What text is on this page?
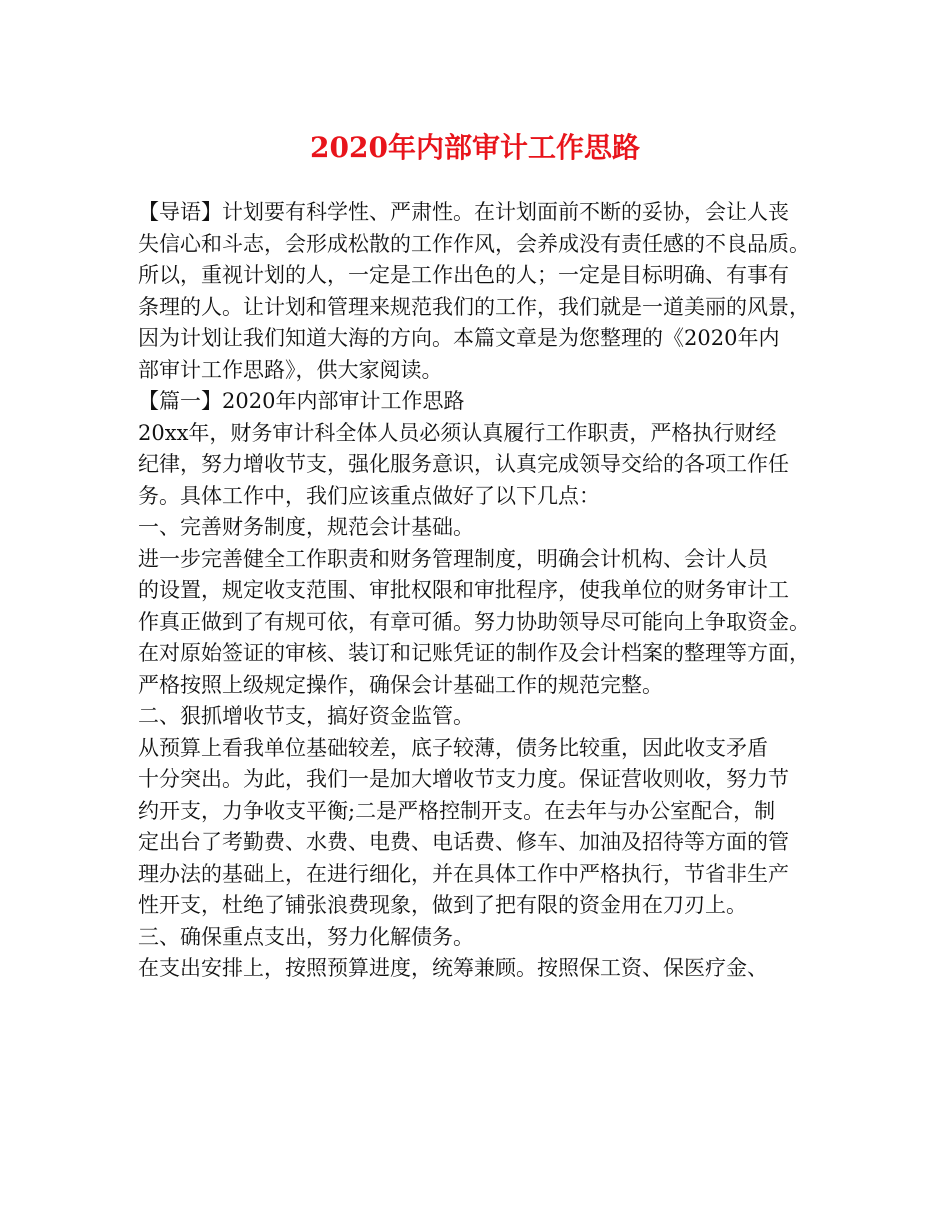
2020年内部审计工作思路
【导语】计划要有科学性、严肃性。在计划面前不断的妥协，会让人丧
失信心和斗志，会形成松散的工作作风，会养成没有责任感的不良品质。
所以，重视计划的人，一定是工作出色的人；一定是目标明确、有事有
条理的人。让计划和管理来规范我们的工作，我们就是一道美丽的风景，
因为计划让我们知道大海的方向。本篇文章是为您整理的《2020年内
部审计工作思路》，供大家阅读。
【篇一】2020年内部审计工作思路
20xx年，财务审计科全体人员必须认真履行工作职责，严格执行财经
纪律，努力增收节支，强化服务意识，认真完成领导交给的各项工作任
务。具体工作中，我们应该重点做好了以下几点：
一、完善财务制度，规范会计基础。
进一步完善健全工作职责和财务管理制度，明确会计机构、会计人员
的设置，规定收支范围、审批权限和审批程序，使我单位的财务审计工
作真正做到了有规可依，有章可循。努力协助领导尽可能向上争取资金。
在对原始签证的审核、装订和记账凭证的制作及会计档案的整理等方面，
严格按照上级规定操作，确保会计基础工作的规范完整。
二、狠抓增收节支，搞好资金监管。
从预算上看我单位基础较差，底子较薄，债务比较重，因此收支矛盾
十分突出。为此，我们一是加大增收节支力度。保证营收则收，努力节
约开支，力争收支平衡;二是严格控制开支。在去年与办公室配合，制
定出台了考勤费、水费、电费、电话费、修车、加油及招待等方面的管
理办法的基础上，在进行细化，并在具体工作中严格执行，节省非生产
性开支，杜绝了铺张浪费现象，做到了把有限的资金用在刀刃上。
三、确保重点支出，努力化解债务。
在支出安排上，按照预算进度，统筹兼顾。按照保工资、保医疗金、
